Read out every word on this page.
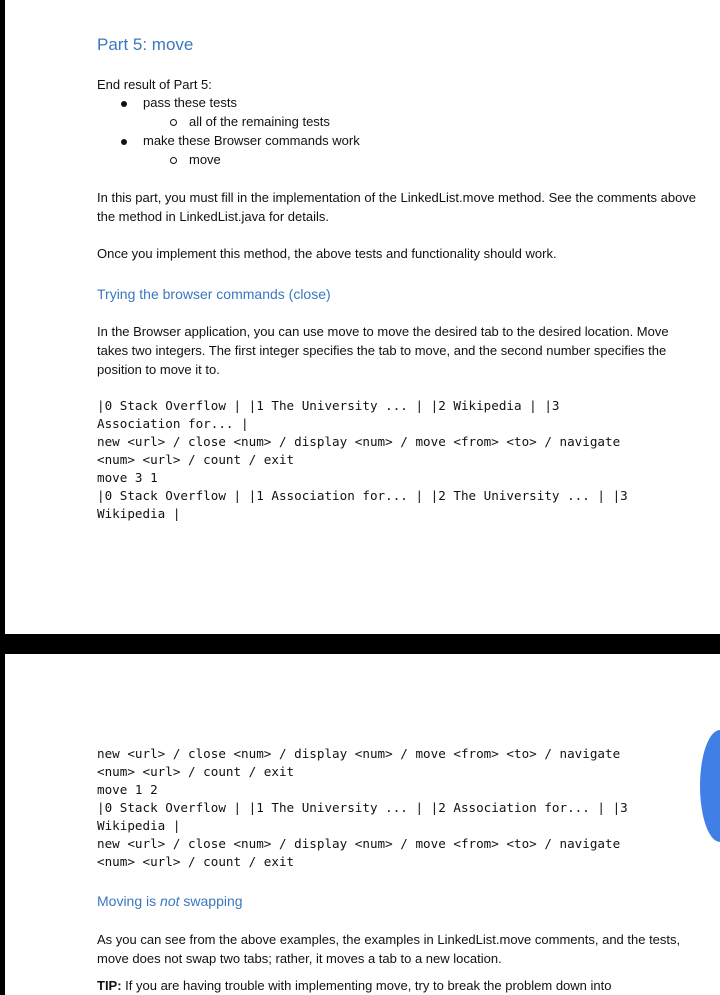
Part 5: move
End result of Part 5:
pass these tests
all of the remaining tests
make these Browser commands work
move
In this part, you must fill in the implementation of the LinkedList.move method. See the comments above the method in LinkedList.java for details.
Once you implement this method, the above tests and functionality should work.
Trying the browser commands (close)
In the Browser application, you can use move to move the desired tab to the desired location. Move takes two integers. The first integer specifies the tab to move, and the second number specifies the position to move it to.
|0 Stack Overflow | |1 The University ... | |2 Wikipedia | |3
Association for... |
new <url> / close <num> / display <num> / move <from> <to> / navigate
<num> <url> / count / exit
move 3 1
|0 Stack Overflow | |1 Association for... | |2 The University ... | |3
Wikipedia |
new <url> / close <num> / display <num> / move <from> <to> / navigate
<num> <url> / count / exit
move 1 2
|0 Stack Overflow | |1 The University ... | |2 Association for... | |3
Wikipedia |
new <url> / close <num> / display <num> / move <from> <to> / navigate
<num> <url> / count / exit
Moving is not swapping
As you can see from the above examples, the examples in LinkedList.move comments, and the tests, move does not swap two tabs; rather, it moves a tab to a new location.
TIP: If you are having trouble with implementing move, try to break the problem down into
